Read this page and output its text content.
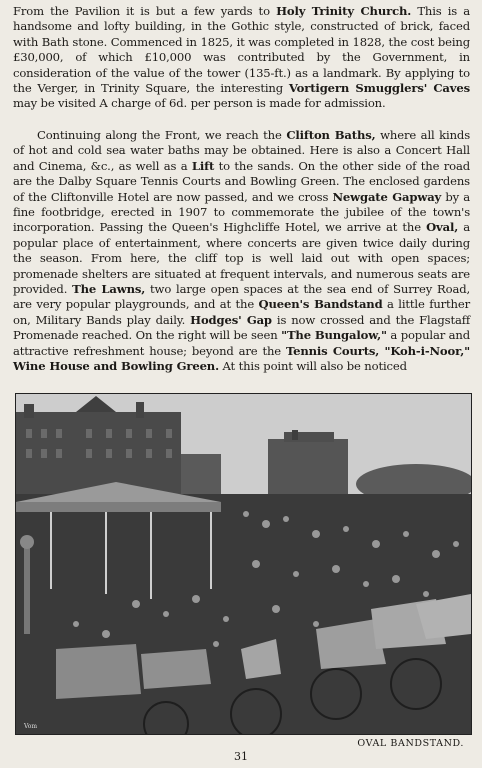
From the Pavilion it is but a few yards to Holy Trinity Church. This is a handsome and lofty building, in the Gothic style, constructed of brick, faced with Bath stone. Commenced in 1825, it was completed in 1828, the cost being £30,000, of which £10,000 was contributed by the Government, in consideration of the value of the tower (135-ft.) as a landmark. By applying to the Verger, in Trinity Square, the interesting Vortigern Smugglers' Caves may be visited A charge of 6d. per person is made for admission.
Continuing along the Front, we reach the Clifton Baths, where all kinds of hot and cold sea water baths may be obtained. Here is also a Concert Hall and Cinema, &c., as well as a Lift to the sands. On the other side of the road are the Dalby Square Tennis Courts and Bowling Green. The enclosed gardens of the Cliftonville Hotel are now passed, and we cross Newgate Gapway by a fine footbridge, erected in 1907 to commemorate the jubilee of the town's incorporation. Passing the Queen's Highcliffe Hotel, we arrive at the Oval, a popular place of entertainment, where concerts are given twice daily during the season. From here, the cliff top is well laid out with open spaces; promenade shelters are situated at frequent intervals, and numerous seats are provided. The Lawns, two large open spaces at the sea end of Surrey Road, are very popular playgrounds, and at the Queen's Bandstand a little further on, Military Bands play daily. Hodges' Gap is now crossed and the Flagstaff Promenade reached. On the right will be seen "The Bungalow," a popular and attractive refreshment house; beyond are the Tennis Courts, "Koh-i-Noor," Wine House and Bowling Green. At this point will also be noticed
Vom
OVAL BANDSTAND.
31
